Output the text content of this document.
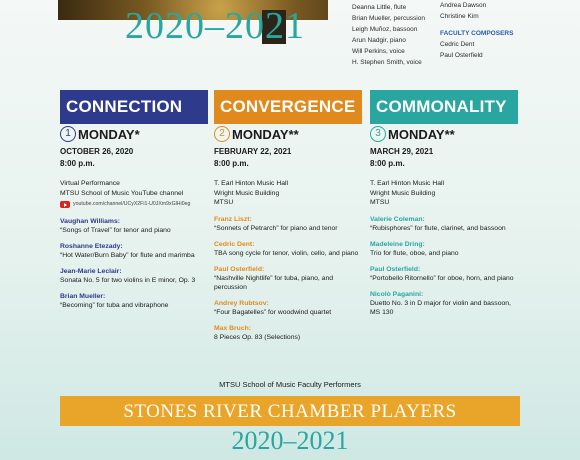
2020–2021	Deanna Little, flute
Brian Mueller, percussion
Leigh Muñoz, bassoon
Arun Nadgir, piano
Will Perkins, voice
H. Stephen Smith, voice
Andrea Dawson
Christine Kim
FACULTY COMPOSERS
Cedric Dent
Paul Osterfield
CONNECTION
1 MONDAY*
OCTOBER 26, 2020
8:00 p.m.
Virtual Performance
MTSU School of Music YouTube channel
youtube.com/channel/UCyX2Fi1-U0JXm9xGlHi0eg
Vaughan Williams:
“Songs of Travel” for tenor and piano
Roshanne Etezady:
“Hot Water/Burn Baby” for flute and marimba
Jean-Marie Leclair:
Sonata No. 5 for two violins in E minor, Op. 3
Brian Mueller:
“Becoming” for tuba and vibraphone
CONVERGENCE
2 MONDAY**
FEBRUARY 22, 2021
8:00 p.m.
T. Earl Hinton Music Hall
Wright Music Building
MTSU
Franz Liszt:
“Sonnets of Petrarch” for piano and tenor
Cedric Dent:
TBA song cycle for tenor, violin, cello, and piano
Paul Osterfield:
“Nashville Nightlife” for tuba, piano, and percussion
Andrey Rubtsov:
“Four Bagatelles” for woodwind quartet
Max Bruch:
8 Pieces Op. 83 (Selections)
COMMONALITY
3 MONDAY**
MARCH 29, 2021
8:00 p.m.
T. Earl Hinton Music Hall
Wright Music Building
MTSU
Valerie Coleman:
“Rubisphores” for flute, clarinet, and bassoon
Madeleine Dring:
Trio for flute, oboe, and piano
Paul Osterfield:
“Portobello Ritornello” for oboe, horn, and piano
Nicolò Paganini:
Duetto No. 3 in D major for violin and bassoon, MS 130
MTSU School of Music Faculty Performers
STONES RIVER CHAMBER PLAYERS
2020–2021
